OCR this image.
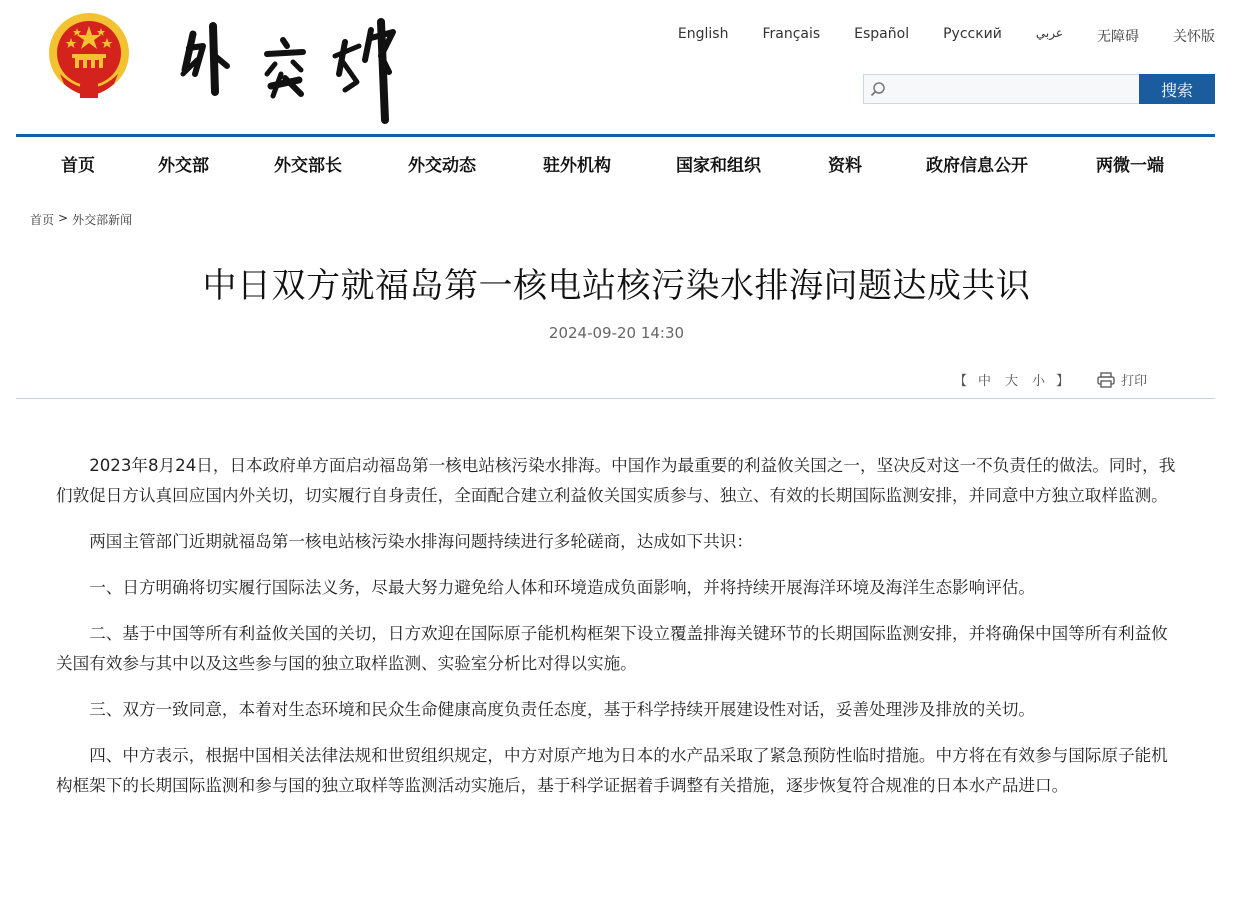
English Français Español Русский	عربي 无障碍 关怀版
搜索
首页	外交部	外交部长	外交动态	驻外机构	国家和组织	资料	政府信息公开	两微一端
首页 > 外交部新闻
中日双方就福岛第一核电站核污染水排海问题达成共识
2024-09-20 14:30
【 中 大 小 】	打印

2023年8月24日，日本政府单方面启动福岛第一核电站核污染水排海。中国作为最重要的利益攸关国之一，坚决反对这一不负责任的做法。同时，我们敦促日方认真回应国内外关切，切实履行自身责任，全面配合建立利益攸关国实质参与、独立、有效的长期国际监测安排，并同意中方独立取样监测。

两国主管部门近期就福岛第一核电站核污染水排海问题持续进行多轮磋商，达成如下共识：

一、日方明确将切实履行国际法义务，尽最大努力避免给人体和环境造成负面影响，并将持续开展海洋环境及海洋生态影响评估。

二、基于中国等所有利益攸关国的关切，日方欢迎在国际原子能机构框架下设立覆盖排海关键环节的长期国际监测安排，并将确保中国等所有利益攸关国有效参与其中以及这些参与国的独立取样监测、实验室分析比对得以实施。

三、双方一致同意，本着对生态环境和民众生命健康高度负责任态度，基于科学持续开展建设性对话，妥善处理涉及排放的关切。

四、中方表示，根据中国相关法律法规和世贸组织规定，中方对原产地为日本的水产品采取了紧急预防性临时措施。中方将在有效参与国际原子能机构框架下的长期国际监测和参与国的独立取样等监测活动实施后，基于科学证据着手调整有关措施，逐步恢复符合规准的日本水产品进口。
